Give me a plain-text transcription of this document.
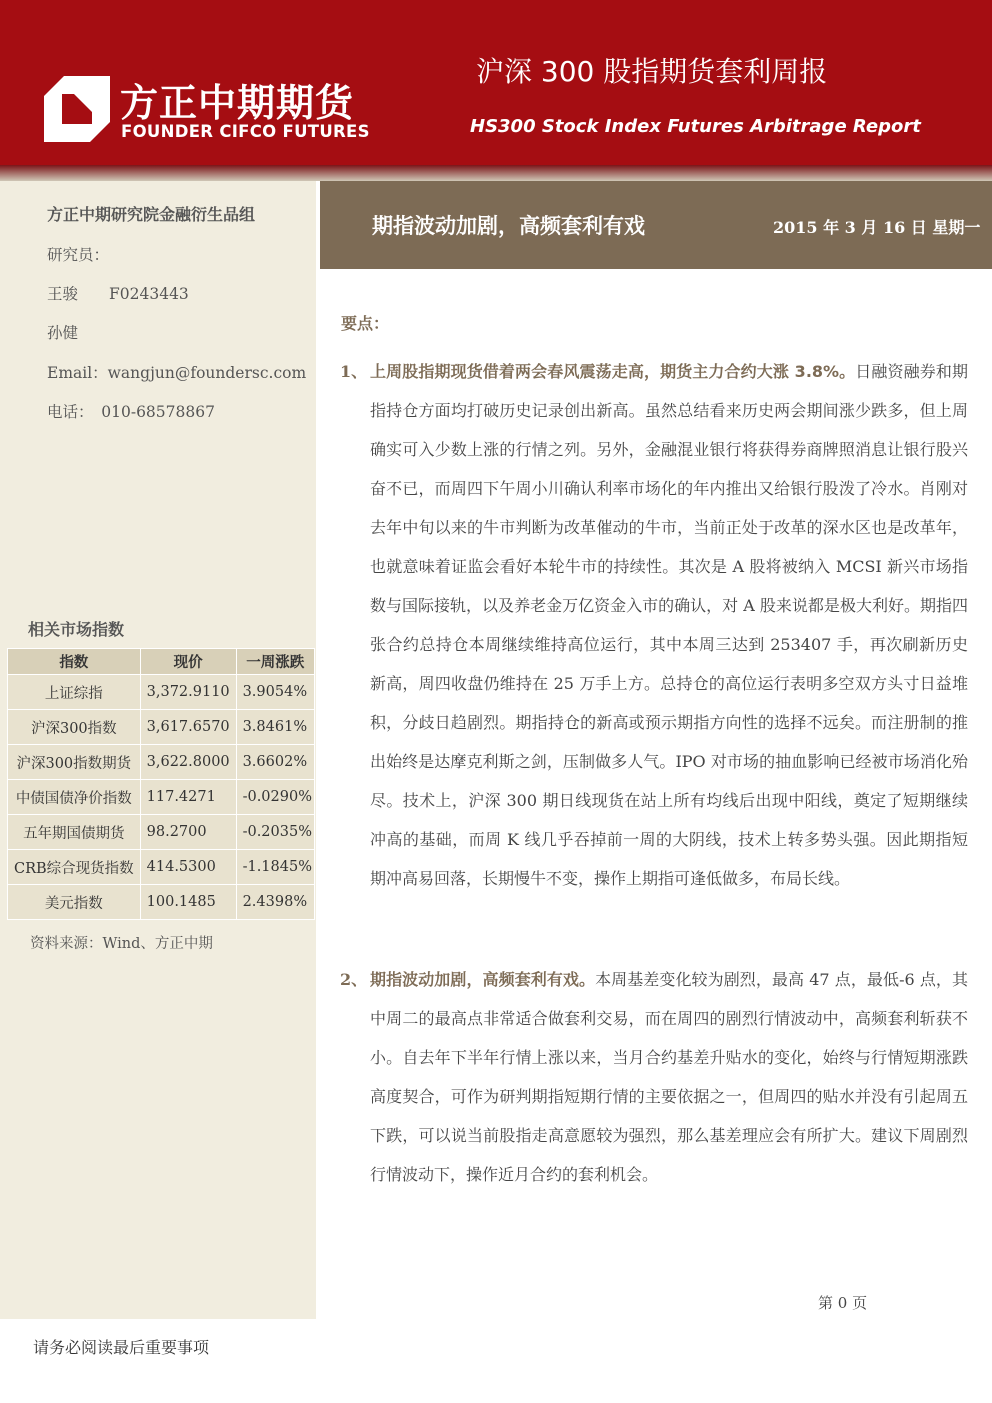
方正中期期货
FOUNDER CIFCO FUTURES
沪深 300 股指期货套利周报
HS300 Stock Index Futures Arbitrage Report
方正中期研究院金融衍生品组
研究员：
王骏　　F0243443
孙健
Email：wangjun@foundersc.com
电话：　010-68578867
相关市场指数
指数	现价	一周涨跌
上证综指	3,372.9110	3.9054%
沪深300指数	3,617.6570	3.8461%
沪深300指数期货	3,622.8000	3.6602%
中债国债净价指数	117.4271	-0.0290%
五年期国债期货	98.2700	-0.2035%
CRB综合现货指数	414.5300	-1.1845%
美元指数	100.1485	2.4398%
资料来源：Wind、方正中期
期指波动加剧，高频套利有戏	2015 年 3 月 16 日 星期一
要点：
1、 上周股指期现货借着两会春风震荡走高，期货主力合约大涨 3.8%。日融资融券和期指持仓方面均打破历史记录创出新高。虽然总结看来历史两会期间涨少跌多，但上周确实可入少数上涨的行情之列。另外，金融混业银行将获得券商牌照消息让银行股兴奋不已，而周四下午周小川确认利率市场化的年内推出又给银行股泼了冷水。肖刚对去年中旬以来的牛市判断为改革催动的牛市，当前正处于改革的深水区也是改革年，也就意味着证监会看好本轮牛市的持续性。其次是 A 股将被纳入 MCSI 新兴市场指数与国际接轨，以及养老金万亿资金入市的确认，对 A 股来说都是极大利好。期指四张合约总持仓本周继续维持高位运行，其中本周三达到 253407 手，再次刷新历史新高，周四收盘仍维持在 25 万手上方。总持仓的高位运行表明多空双方头寸日益堆积，分歧日趋剧烈。期指持仓的新高或预示期指方向性的选择不远矣。而注册制的推出始终是达摩克利斯之剑，压制做多人气。IPO 对市场的抽血影响已经被市场消化殆尽。技术上，沪深 300 期日线现货在站上所有均线后出现中阳线，奠定了短期继续冲高的基础，而周 K 线几乎吞掉前一周的大阴线，技术上转多势头强。因此期指短期冲高易回落，长期慢牛不变，操作上期指可逢低做多，布局长线。
2、 期指波动加剧，高频套利有戏。本周基差变化较为剧烈，最高 47 点，最低-6 点，其中周二的最高点非常适合做套利交易，而在周四的剧烈行情波动中，高频套利斩获不小。自去年下半年行情上涨以来，当月合约基差升贴水的变化，始终与行情短期涨跌高度契合，可作为研判期指短期行情的主要依据之一，但周四的贴水并没有引起周五下跌，可以说当前股指走高意愿较为强烈，那么基差理应会有所扩大。建议下周剧烈行情波动下，操作近月合约的套利机会。
第 0 页
请务必阅读最后重要事项
